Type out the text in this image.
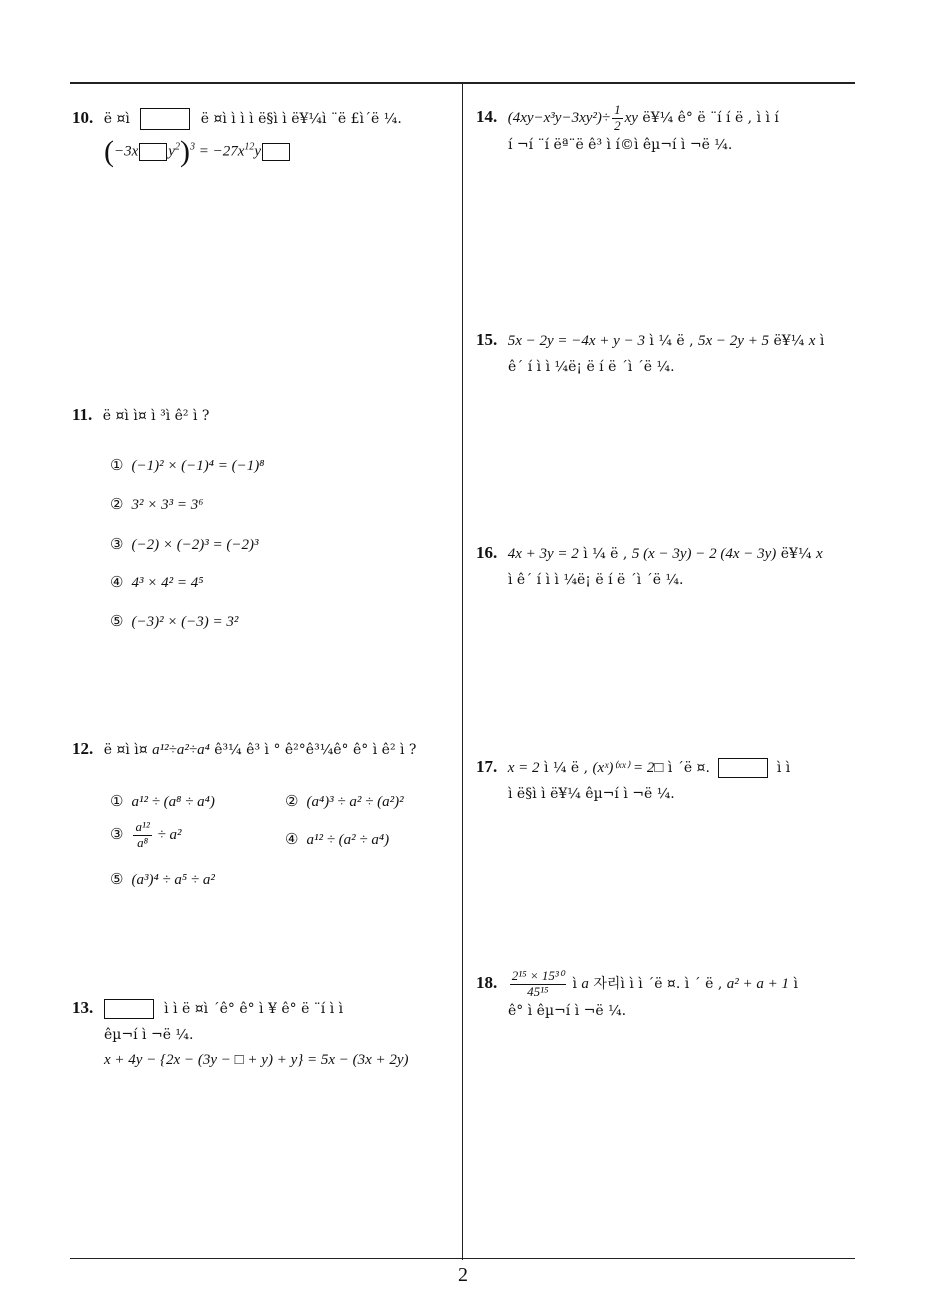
10. ë ¤ì	ë ¤ì ì ì ì ë§ì ì ë¥¼ì ¨ë £ì´ë ¼.
(−3x $y^2)^3 = -27x^{12}y$
11. ë ¤ì ì¤ ì ³ì ê² ì ?
① (−1)² × (−1)⁴ = (−1)⁸
② 3² × 3³ = 3⁶
③ (−2) × (−2)³ = (−2)³
④ 4³ × 4² = 4⁵
⑤ (−3)² × (−3) = 3²
12. ë ¤ì ì¤ a¹²÷a²÷a⁴ ê³¼ ê³ ì ° ê²°ê³¼ê° ê° ì ê² ì ?
① a¹² ÷ (a⁸ ÷ a⁴)	② (a⁴)³ ÷ a² ÷ (a²)²
③ $\frac{\text{a¹²}}{\text{a⁸}} \div a^2$	④ a¹² ÷ (a² ÷ a⁴)
⑤ (a³)⁴ ÷ a⁵ ÷ a²
13.	ì ì ë ¤ì ´ê° ê° ì ¥ ê° ë ¨í ì ì
êµ¬í ì ¬ë ¼.
x + 4y − {2x − (3y − □ + y) + y} = 5x − (3x + 2y)
14. $(4xy-x^3y-3xy^2)\div \frac{1}{2}$ xy ë¥¼ ê° ë ¨í í ë , ì ì í
í ¬í ¨í ëª¨ë ê³ ì í©ì êµ¬í ì ¬ë ¼.
15. 5x − 2y = −4x + y − 3 ì ¼ ë , 5x − 2y + 5 ë¥¼ x ì
ê´ í ì ì ¼ë¡ ë í ë ´ì ´ë ¼.
16. 4x + 3y = 2 ì ¼ ë , 5 (x − 3y) − 2 (4x − 3y) ë¥¼ x
ì ê´ í ì ì ¼ë¡ ë í ë ´ì ´ë ¼.
17. x = 2 ì ¼ ë , (xˣ)⁽ˣˣ⁾ = 2□ ì ´ë ¤.	ì ì
ì ë§ì ì ë¥¼ êµ¬í ì ¬ë ¼.
18. $\frac{\text{2¹⁵ × 15³⁰}}{\text{45¹⁵}}$ ì a 자리ì ì ì ´ë ¤. ì ´ ë , a² + a + 1 ì
ê° ì êµ¬í ì ¬ë ¼.
2
